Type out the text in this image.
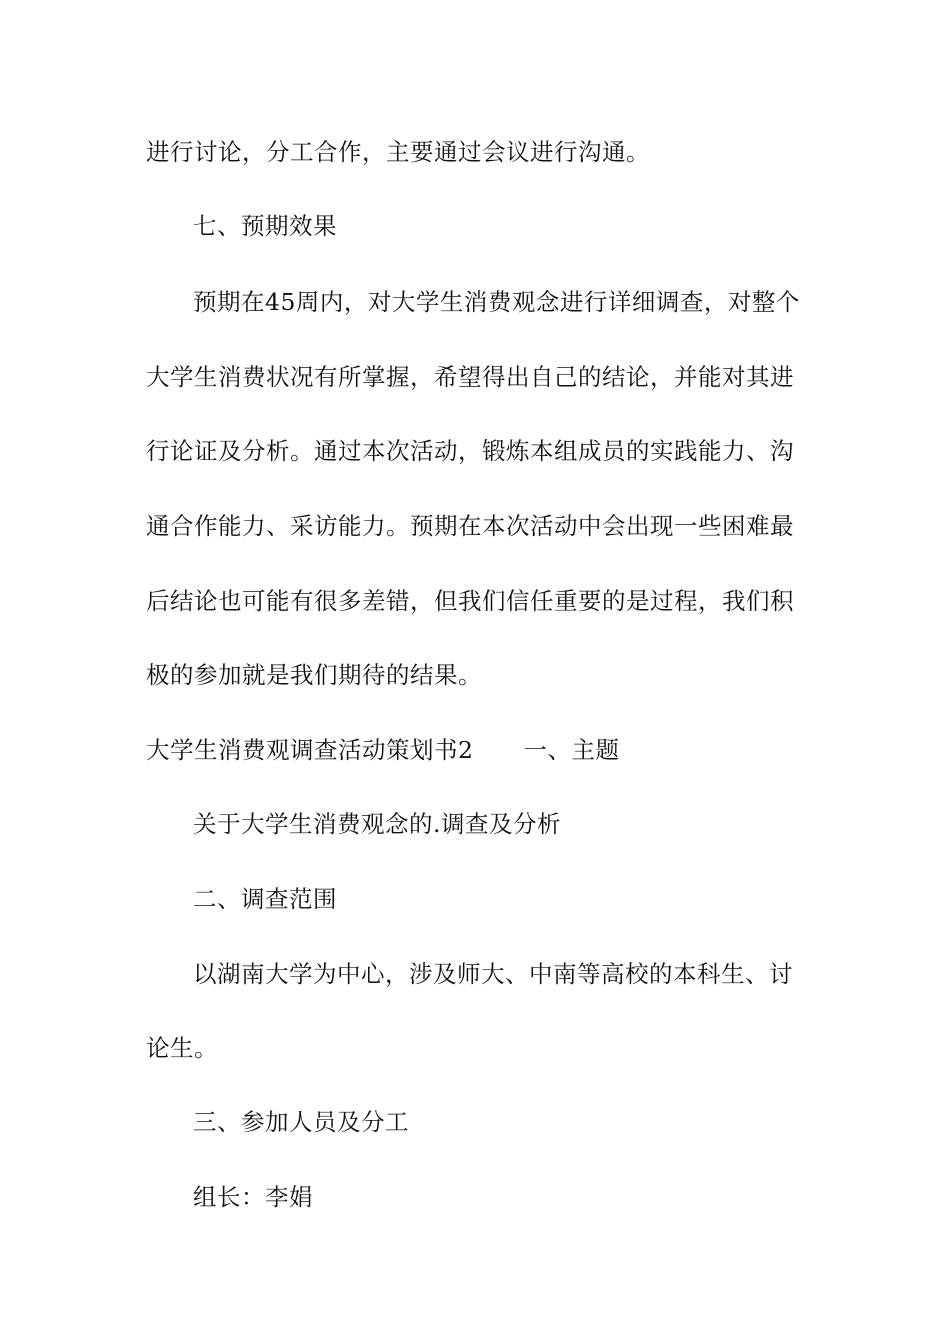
进行讨论，分工合作，主要通过会议进行沟通。
七、预期效果
预期在45周内，对大学生消费观念进行详细调查，对整个
大学生消费状况有所掌握，希望得出自己的结论，并能对其进
行论证及分析。通过本次活动，锻炼本组成员的实践能力、沟
通合作能力、采访能力。预期在本次活动中会出现一些困难最
后结论也可能有很多差错，但我们信任重要的是过程，我们积
极的参加就是我们期待的结果。
大学生消费观调查活动策划书2 一、主题
关于大学生消费观念的.调查及分析
二、调查范围
以湖南大学为中心，涉及师大、中南等高校的本科生、讨
论生。
三、参加人员及分工
组长：李娟
